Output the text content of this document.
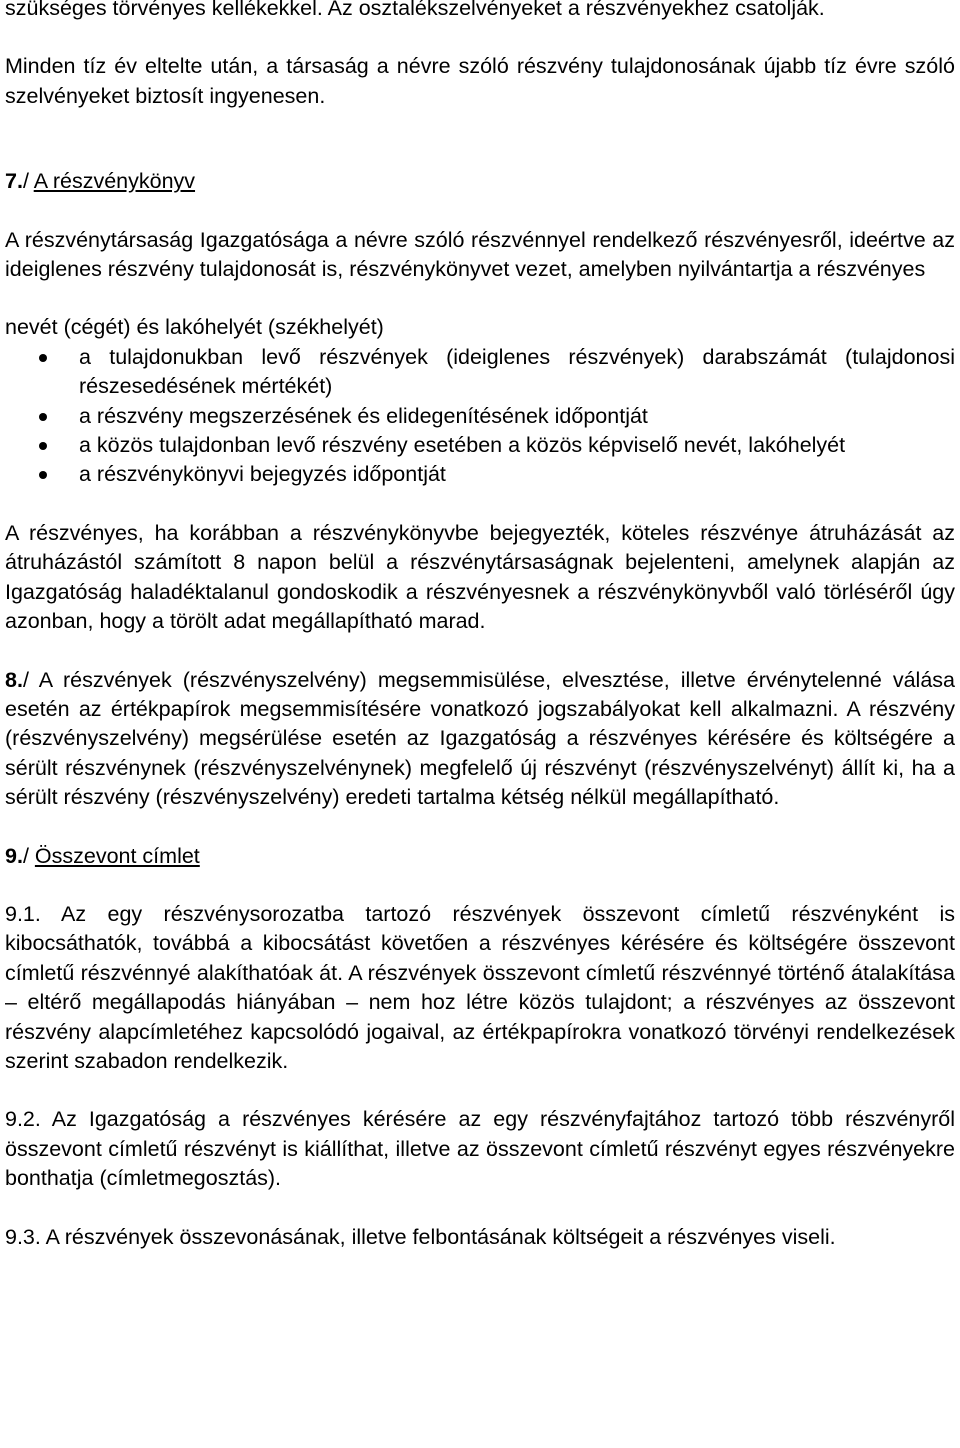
szükséges törvényes kellékekkel. Az osztalékszelvényeket a részvényekhez csatolják.

Minden tíz év eltelte után, a társaság a névre szóló részvény tulajdonosának újabb tíz évre szóló szelvényeket biztosít ingyenesen.

7./ A részvénykönyv

A részvénytársaság Igazgatósága a névre szóló részvénnyel rendelkező részvényesről, ideértve az ideiglenes részvény tulajdonosát is, részvénykönyvet vezet, amelyben nyilvántartja a részvényes

nevét (cégét) és lakóhelyét (székhelyét)

a tulajdonukban levő részvények (ideiglenes részvények) darabszámát (tulajdonosi részesedésének mértékét)
a részvény megszerzésének és elidegenítésének időpontját
a közös tulajdonban levő részvény esetében a közös képviselő nevét, lakóhelyét
a részvénykönyvi bejegyzés időpontját

A részvényes, ha korábban a részvénykönyvbe bejegyezték, köteles részvénye átruházását az átruházástól számított 8 napon belül a részvénytársaságnak bejelenteni, amelynek alapján az Igazgatóság haladéktalanul gondoskodik a részvényesnek a részvénykönyvből való törléséről úgy azonban, hogy a törölt adat megállapítható marad.

8./ A részvények (részvényszelvény) megsemmisülése, elvesztése, illetve érvénytelenné válása esetén az értékpapírok megsemmisítésére vonatkozó jogszabályokat kell alkalmazni. A részvény (részvényszelvény) megsérülése esetén az Igazgatóság a részvényes kérésére és költségére a sérült részvénynek (részvényszelvénynek) megfelelő új részvényt (részvényszelvényt) állít ki, ha a sérült részvény (részvényszelvény) eredeti tartalma kétség nélkül megállapítható.

9./ Összevont címlet

9.1. Az egy részvénysorozatba tartozó részvények összevont címletű részvényként is kibocsáthatók, továbbá a kibocsátást követően a részvényes kérésére és költségére összevont címletű részvénnyé alakíthatóak át. A részvények összevont címletű részvénnyé történő átalakítása – eltérő megállapodás hiányában – nem hoz létre közös tulajdont; a részvényes az összevont részvény alapcímletéhez kapcsolódó jogaival, az értékpapírokra vonatkozó törvényi rendelkezések szerint szabadon rendelkezik.

9.2. Az Igazgatóság a részvényes kérésére az egy részvényfajtához tartozó több részvényről összevont címletű részvényt is kiállíthat, illetve az összevont címletű részvényt egyes részvényekre bonthatja (címletmegosztás).

9.3. A részvények összevonásának, illetve felbontásának költségeit a részvényes viseli.
